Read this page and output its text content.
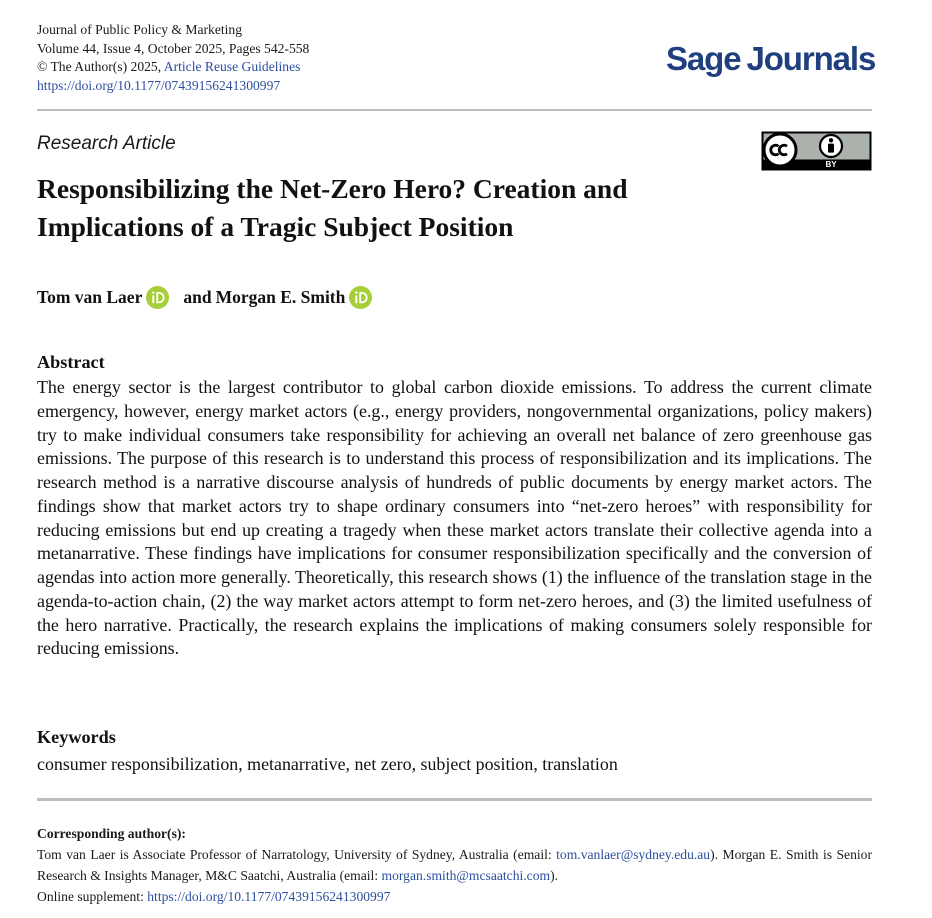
Journal of Public Policy & Marketing
Volume 44, Issue 4, October 2025, Pages 542-558
© The Author(s) 2025, Article Reuse Guidelines
https://doi.org/10.1177/07439156241300997
Sage Journals
Research Article
BY
Responsibilizing the Net-Zero Hero? Creation and Implications of a Tragic Subject Position
Tom van Laer and Morgan E. Smith
Abstract

The energy sector is the largest contributor to global carbon dioxide emissions. To address the current climate emergency, however, energy market actors (e.g., energy providers, nongovernmental organizations, policy makers) try to make individual consumers take responsibility for achieving an overall net balance of zero greenhouse gas emissions. The purpose of this research is to understand this process of responsibilization and its implications. The research method is a narrative discourse analysis of hundreds of public documents by energy market actors. The findings show that market actors try to shape ordinary consumers into “net-zero heroes” with responsibility for reducing emissions but end up creating a tragedy when these market actors translate their collective agenda into a metanarrative. These findings have implications for consumer responsibilization specifically and the conversion of agendas into action more generally. Theoretically, this research shows (1) the influence of the translation stage in the agenda-to-action chain, (2) the way market actors attempt to form net-zero heroes, and (3) the limited usefulness of the hero narrative. Practically, the research explains the implications of making consumers solely responsible for reducing emissions.

Keywords
consumer responsibilization, metanarrative, net zero, subject position, translation
Corresponding author(s):
Tom van Laer is Associate Professor of Narratology, University of Sydney, Australia (email: tom.vanlaer@sydney.edu.au). Morgan E. Smith is Senior Research & Insights Manager, M&C Saatchi, Australia (email: morgan.smith@mcsaatchi.com).
Online supplement: https://doi.org/10.1177/07439156241300997
